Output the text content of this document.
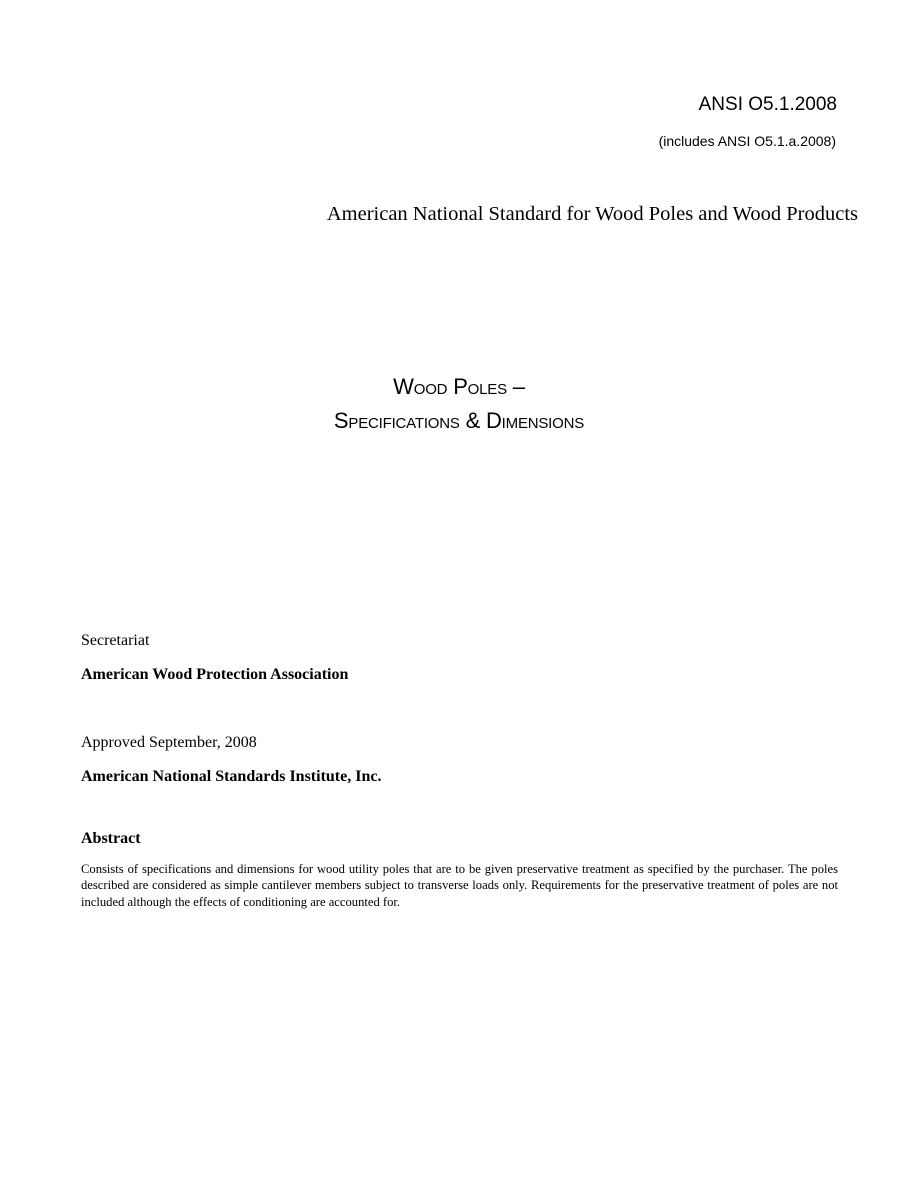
ANSI O5.1.2008
(includes ANSI O5.1.a.2008)
American National Standard for Wood Poles and Wood Products
Wood Poles –
Specifications & Dimensions
Secretariat
American Wood Protection Association
Approved September, 2008
American National Standards Institute, Inc.
Abstract
Consists of specifications and dimensions for wood utility poles that are to be given preservative treatment as specified by the purchaser. The poles described are considered as simple cantilever members subject to transverse loads only. Requirements for the preservative treatment of poles are not included although the effects of conditioning are accounted for.
